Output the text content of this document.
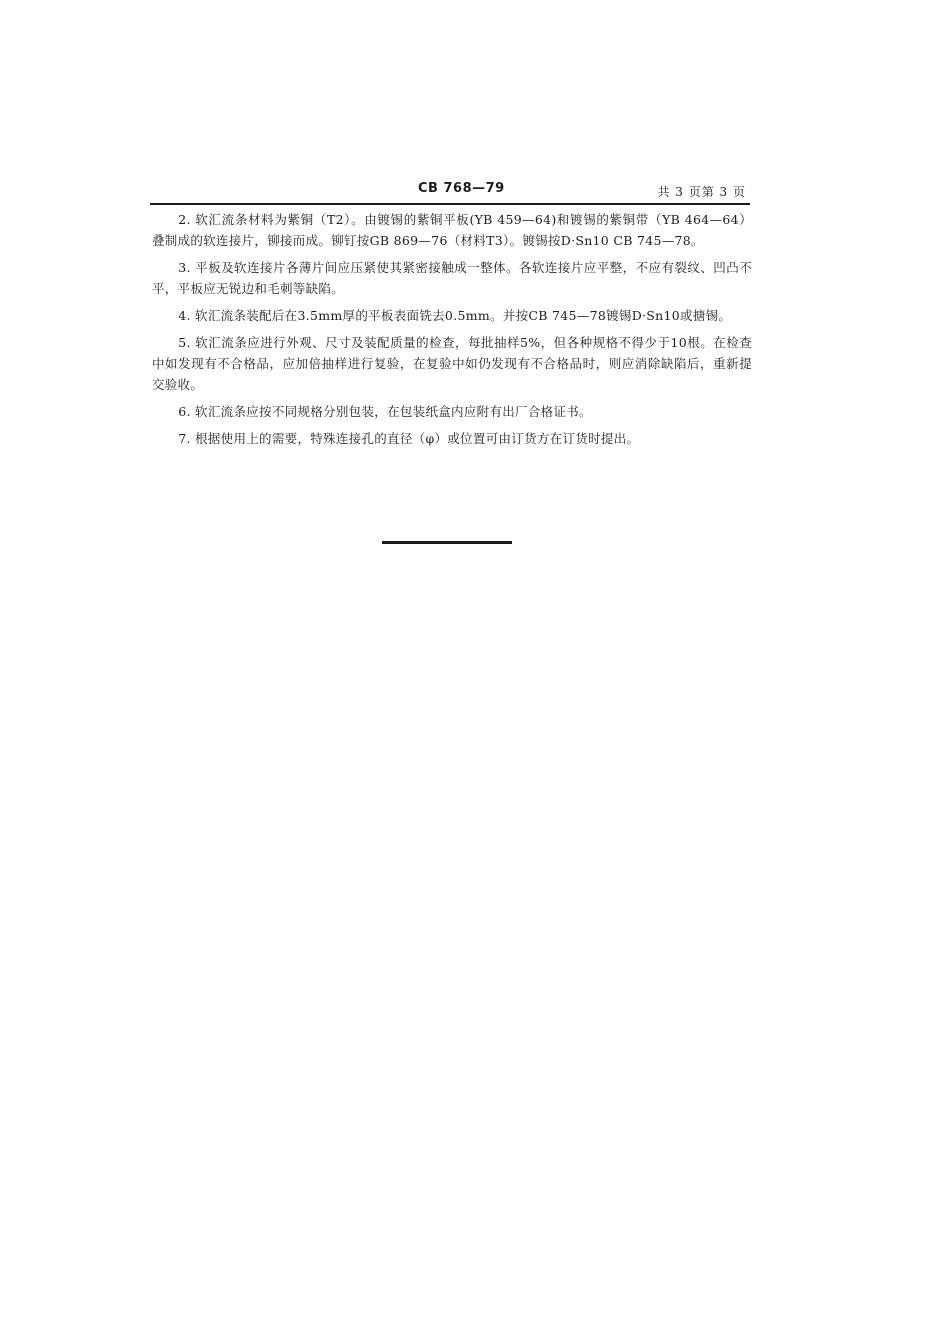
CB 768—79	共 3 页第 3 页

2. 软汇流条材料为紫铜（T2）。由镀锡的紫铜平板(YB 459—64)和镀锡的紫铜带（YB 464—64）叠制成的软连接片，铆接而成。铆钉按GB 869—76（材料T3）。镀锡按D·Sn10 CB 745—78。

3. 平板及软连接片各薄片间应压紧使其紧密接触成一整体。各软连接片应平整，不应有裂纹、凹凸不平，平板应无锐边和毛刺等缺陷。

4. 软汇流条装配后在3.5mm厚的平板表面铣去0.5mm。并按CB 745—78镀锡D·Sn10或搪锡。

5. 软汇流条应进行外观、尺寸及装配质量的检查，每批抽样5%，但各种规格不得少于10根。在检查中如发现有不合格品，应加倍抽样进行复验，在复验中如仍发现有不合格品时，则应消除缺陷后，重新提交验收。

6. 软汇流条应按不同规格分别包装，在包装纸盒内应附有出厂合格证书。

7. 根据使用上的需要，特殊连接孔的直径（φ）或位置可由订货方在订货时提出。
